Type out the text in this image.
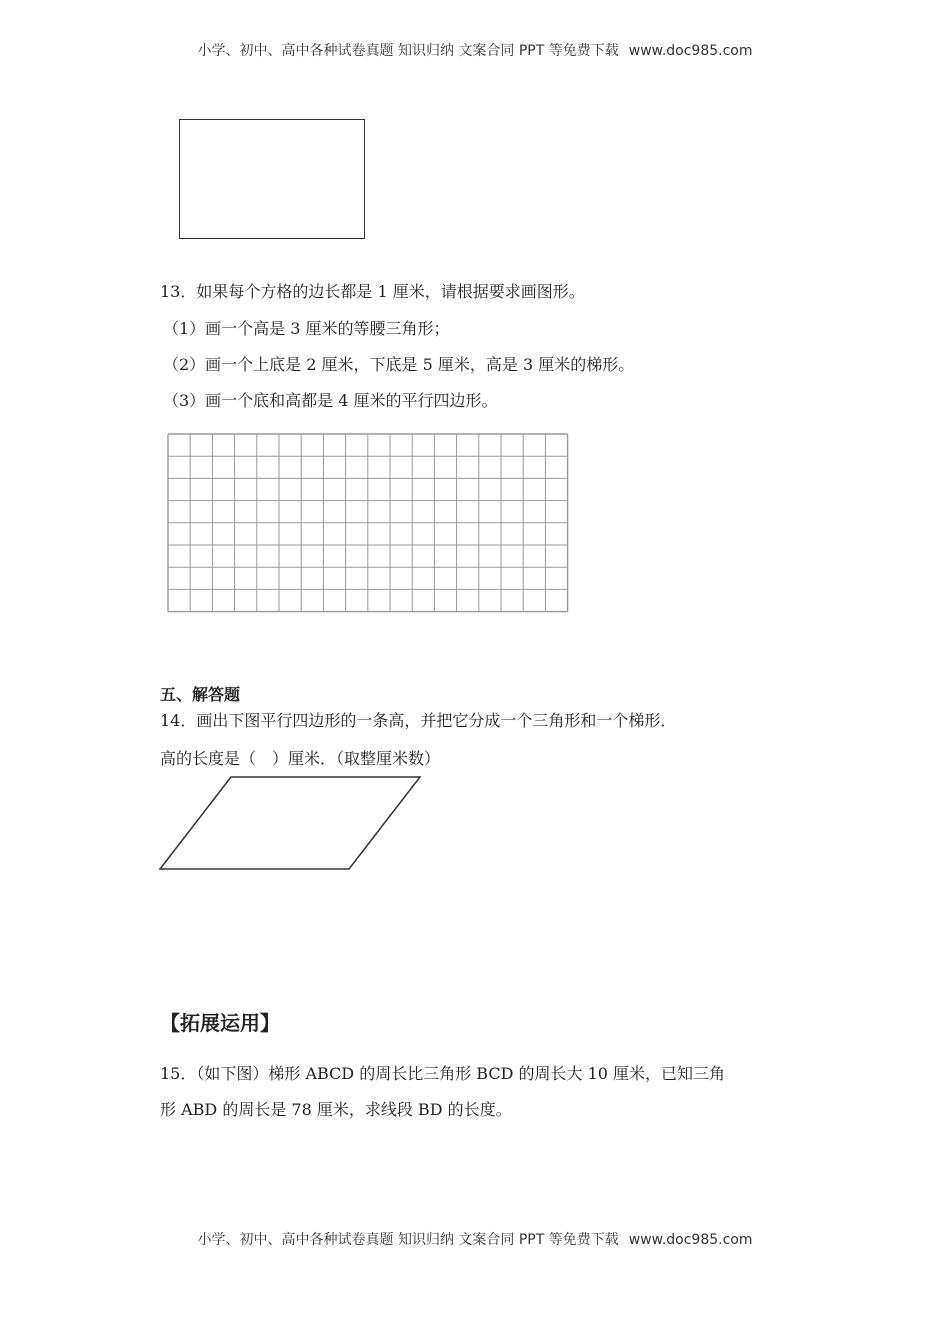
小学、初中、高中各种试卷真题 知识归纳 文案合同 PPT 等免费下载 www.doc985.com
13．如果每个方格的边长都是 1 厘米，请根据要求画图形。
（1）画一个高是 3 厘米的等腰三角形；
（2）画一个上底是 2 厘米，下底是 5 厘米，高是 3 厘米的梯形。
（3）画一个底和高都是 4 厘米的平行四边形。
五、解答题
14．画出下图平行四边形的一条高，并把它分成一个三角形和一个梯形．
高的长度是（　）厘米．（取整厘米数）
【拓展运用】
15．（如下图）梯形 ABCD 的周长比三角形 BCD 的周长大 10 厘米，已知三角
形 ABD 的周长是 78 厘米，求线段 BD 的长度。
小学、初中、高中各种试卷真题 知识归纳 文案合同 PPT 等免费下载 www.doc985.com
